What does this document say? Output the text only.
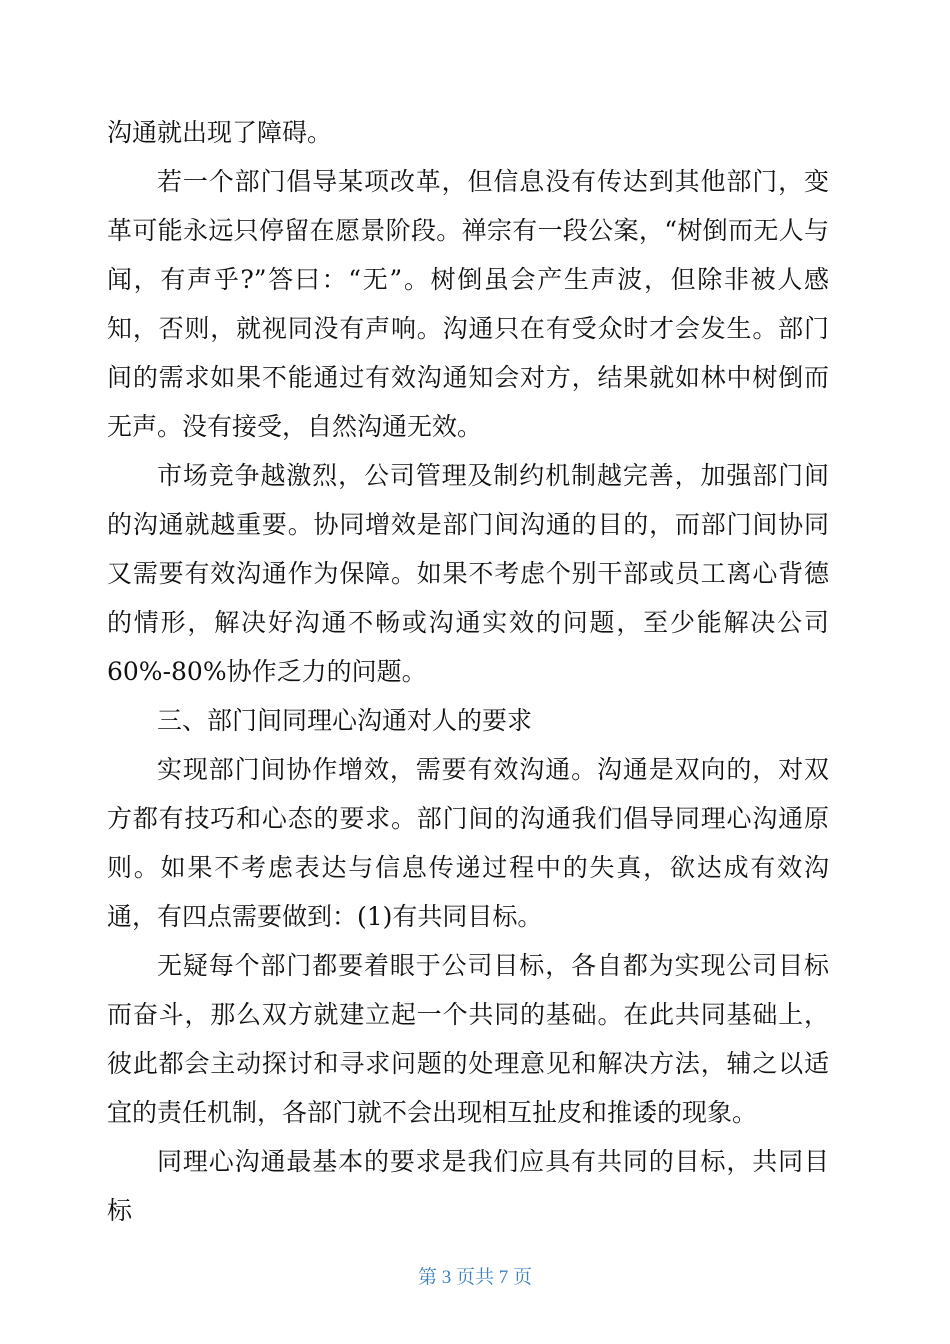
沟通就出现了障碍。

若一个部门倡导某项改革，但信息没有传达到其他部门，变革可能永远只停留在愿景阶段。禅宗有一段公案，“树倒而无人与闻，有声乎?”答曰：“无”。树倒虽会产生声波，但除非被人感知，否则，就视同没有声响。沟通只在有受众时才会发生。部门间的需求如果不能通过有效沟通知会对方，结果就如林中树倒而无声。没有接受，自然沟通无效。

市场竞争越激烈，公司管理及制约机制越完善，加强部门间的沟通就越重要。协同增效是部门间沟通的目的，而部门间协同又需要有效沟通作为保障。如果不考虑个别干部或员工离心背德的情形，解决好沟通不畅或沟通实效的问题，至少能解决公司60%-80%协作乏力的问题。

三、部门间同理心沟通对人的要求

实现部门间协作增效，需要有效沟通。沟通是双向的，对双方都有技巧和心态的要求。部门间的沟通我们倡导同理心沟通原则。如果不考虑表达与信息传递过程中的失真，欲达成有效沟通，有四点需要做到：(1)有共同目标。

无疑每个部门都要着眼于公司目标，各自都为实现公司目标而奋斗，那么双方就建立起一个共同的基础。在此共同基础上，彼此都会主动探讨和寻求问题的处理意见和解决方法，辅之以适宜的责任机制，各部门就不会出现相互扯皮和推诿的现象。

同理心沟通最基本的要求是我们应具有共同的目标，共同目标

第 3 页共 7 页
